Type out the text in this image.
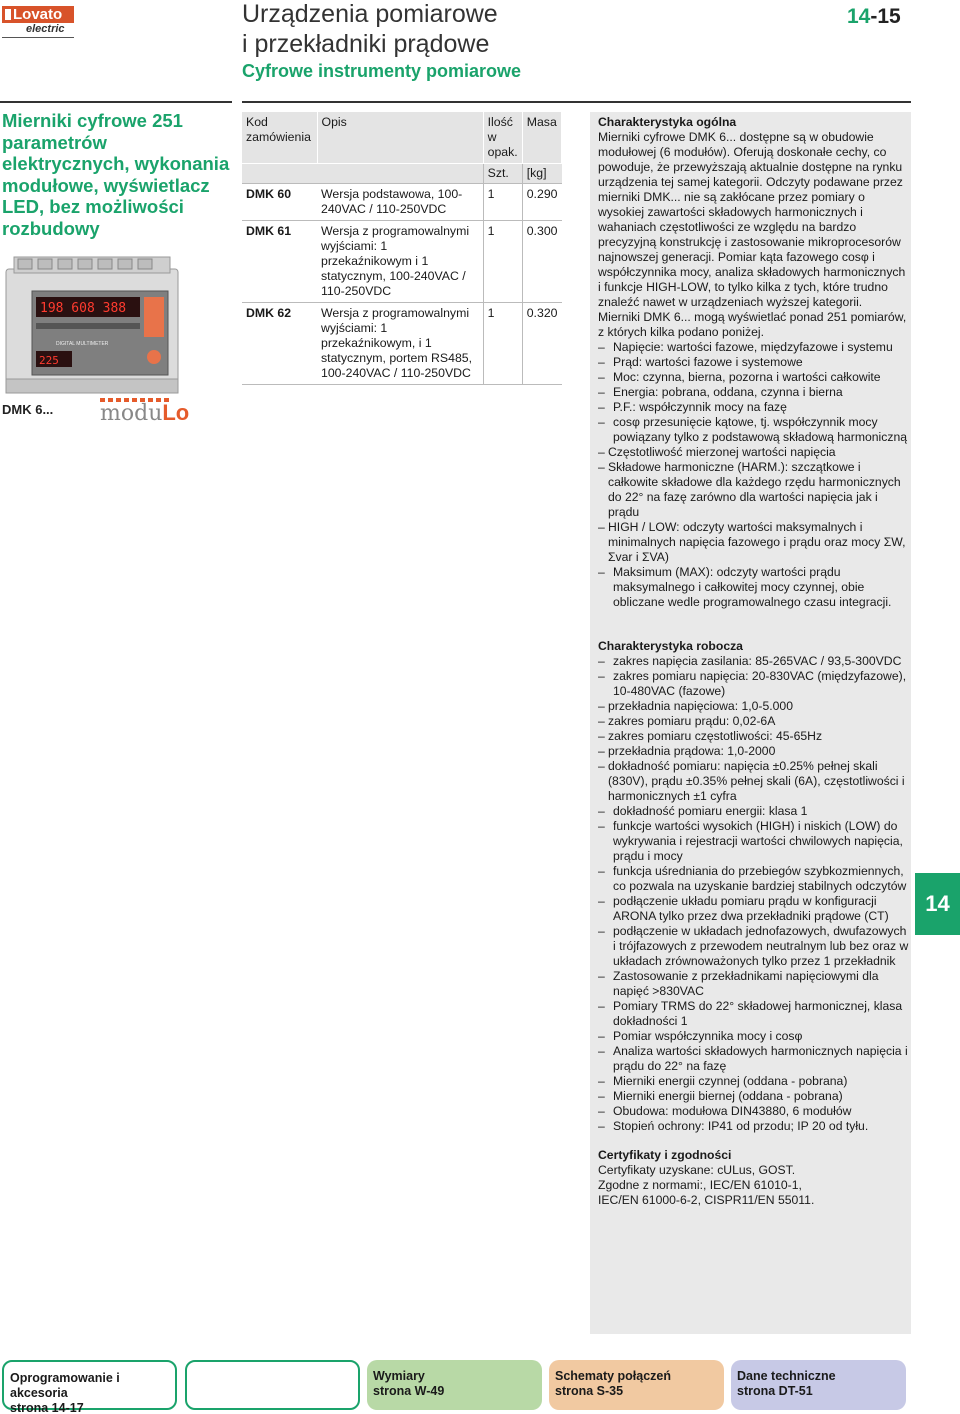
Lovato
electric
Urządzenia pomiarowe
i przekładniki prądowe
Cyfrowe instrumenty pomiarowe
14-15
Mierniki cyfrowe 251 parametrów elektrycznych, wykonania modułowe, wyświetlacz LED, bez możliwości rozbudowy
198 608 388
DIGITAL MULTIMETER
225
DMK 6... moduLo
Kod zamówienia	Opis	Ilość w opak.	Masa
		Szt.	[kg]
DMK 60	Wersja podstawowa, 100-240VAC / 110-250VDC	1	0.290
DMK 61	Wersja z programowalnymi wyjściami: 1 przekaźnikowym i 1 statycznym, 100-240VAC / 110-250VDC	1	0.300
DMK 62	Wersja z programowalnymi wyjściami: 1 przekaźnikowym, i 1 statycznym, portem RS485, 100-240VAC / 110-250VDC	1	0.320
Charakterystyka ogólna

Mierniki cyfrowe DMK 6... dostępne są w obudowie modułowej (6 modułów). Oferują doskonałe cechy, co powoduje, że przewyższają aktualnie dostępne na rynku urządzenia tej samej kategorii. Odczyty podawane przez mierniki DMK... nie są zakłócane przez pomiary o wysokiej zawartości składowych harmonicznych i wahaniach częstotliwości ze względu na bardzo precyzyjną konstrukcję i zastosowanie mikroprocesorów najnowszej generacji. Pomiar kąta fazowego cosφ i współczynnika mocy, analiza składowych harmonicznych i funkcje HIGH-LOW, to tylko kilka z tych, które trudno znaleźć nawet w urządzeniach wyższej kategorii.

Mierniki DMK 6... mogą wyświetlać ponad 251 pomiarów, z których kilka podano poniżej.

– Napięcie: wartości fazowe, międzyfazowe i systemu
– Prąd: wartości fazowe i systemowe
– Moc: czynna, bierna, pozorna i wartości całkowite
– Energia: pobrana, oddana, czynna i bierna
– P.F.: współczynnik mocy na fazę
– cosφ przesunięcie kątowe, tj. współczynnik mocy powiązany tylko z podstawową składową harmoniczną
– Częstotliwość mierzonej wartości napięcia
– Składowe harmoniczne (HARM.): szczątkowe i całkowite składowe dla każdego rzędu harmonicznych do 22° na fazę zarówno dla wartości napięcia jak i prądu
– HIGH / LOW: odczyty wartości maksymalnych i minimalnych napięcia fazowego i prądu oraz mocy ΣW, Σvar i ΣVA)
– Maksimum (MAX): odczyty wartości prądu maksymalnego i całkowitej mocy czynnej, obie obliczane wedle programowalnego czasu integracji.
Charakterystyka robocza
– zakres napięcia zasilania: 85-265VAC / 93,5-300VDC
– zakres pomiaru napięcia: 20-830VAC (międzyfazowe), 10-480VAC (fazowe)
– przekładnia napięciowa: 1,0-5.000
– zakres pomiaru prądu: 0,02-6A
– zakres pomiaru częstotliwości: 45-65Hz
– przekładnia prądowa: 1,0-2000
– dokładność pomiaru: napięcia ±0.25% pełnej skali (830V), prądu ±0.35% pełnej skali (6A), częstotliwości i harmonicznych ±1 cyfra
– dokładność pomiaru energii: klasa 1
– funkcje wartości wysokich (HIGH) i niskich (LOW) do wykrywania i rejestracji wartości chwilowych napięcia, prądu i mocy
– funkcja uśredniania do przebiegów szybkozmiennych, co pozwala na uzyskanie bardziej stabilnych odczytów
– podłączenie układu pomiaru prądu w konfiguracji ARONA tylko przez dwa przekładniki prądowe (CT)
– podłączenie w układach jednofazowych, dwufazowych i trójfazowych z przewodem neutralnym lub bez oraz w układach zrównoważonych tylko przez 1 przekładnik
– Zastosowanie z przekładnikami napięciowymi dla napięć >830VAC
– Pomiary TRMS do 22° składowej harmonicznej, klasa dokładności 1
– Pomiar współczynnika mocy i cosφ
– Analiza wartości składowych harmonicznych napięcia i prądu do 22° na fazę
– Mierniki energii czynnej (oddana - pobrana)
– Mierniki energii biernej (oddana - pobrana)
– Obudowa: modułowa DIN43880, 6 modułów
– Stopień ochrony: IP41 od przodu; IP 20 od tyłu.
Certyfikaty i zgodności

Certyfikaty uzyskane: cULus, GOST.

Zgodne z normami:, IEC/EN 61010-1,

IEC/EN 61000-6-2, CISPR11/EN 55011.

14
Oprogramowanie i akcesoria
strona 14-17
Wymiary
strona W-49
Schematy połączeń
strona S-35
Dane techniczne
strona DT-51
